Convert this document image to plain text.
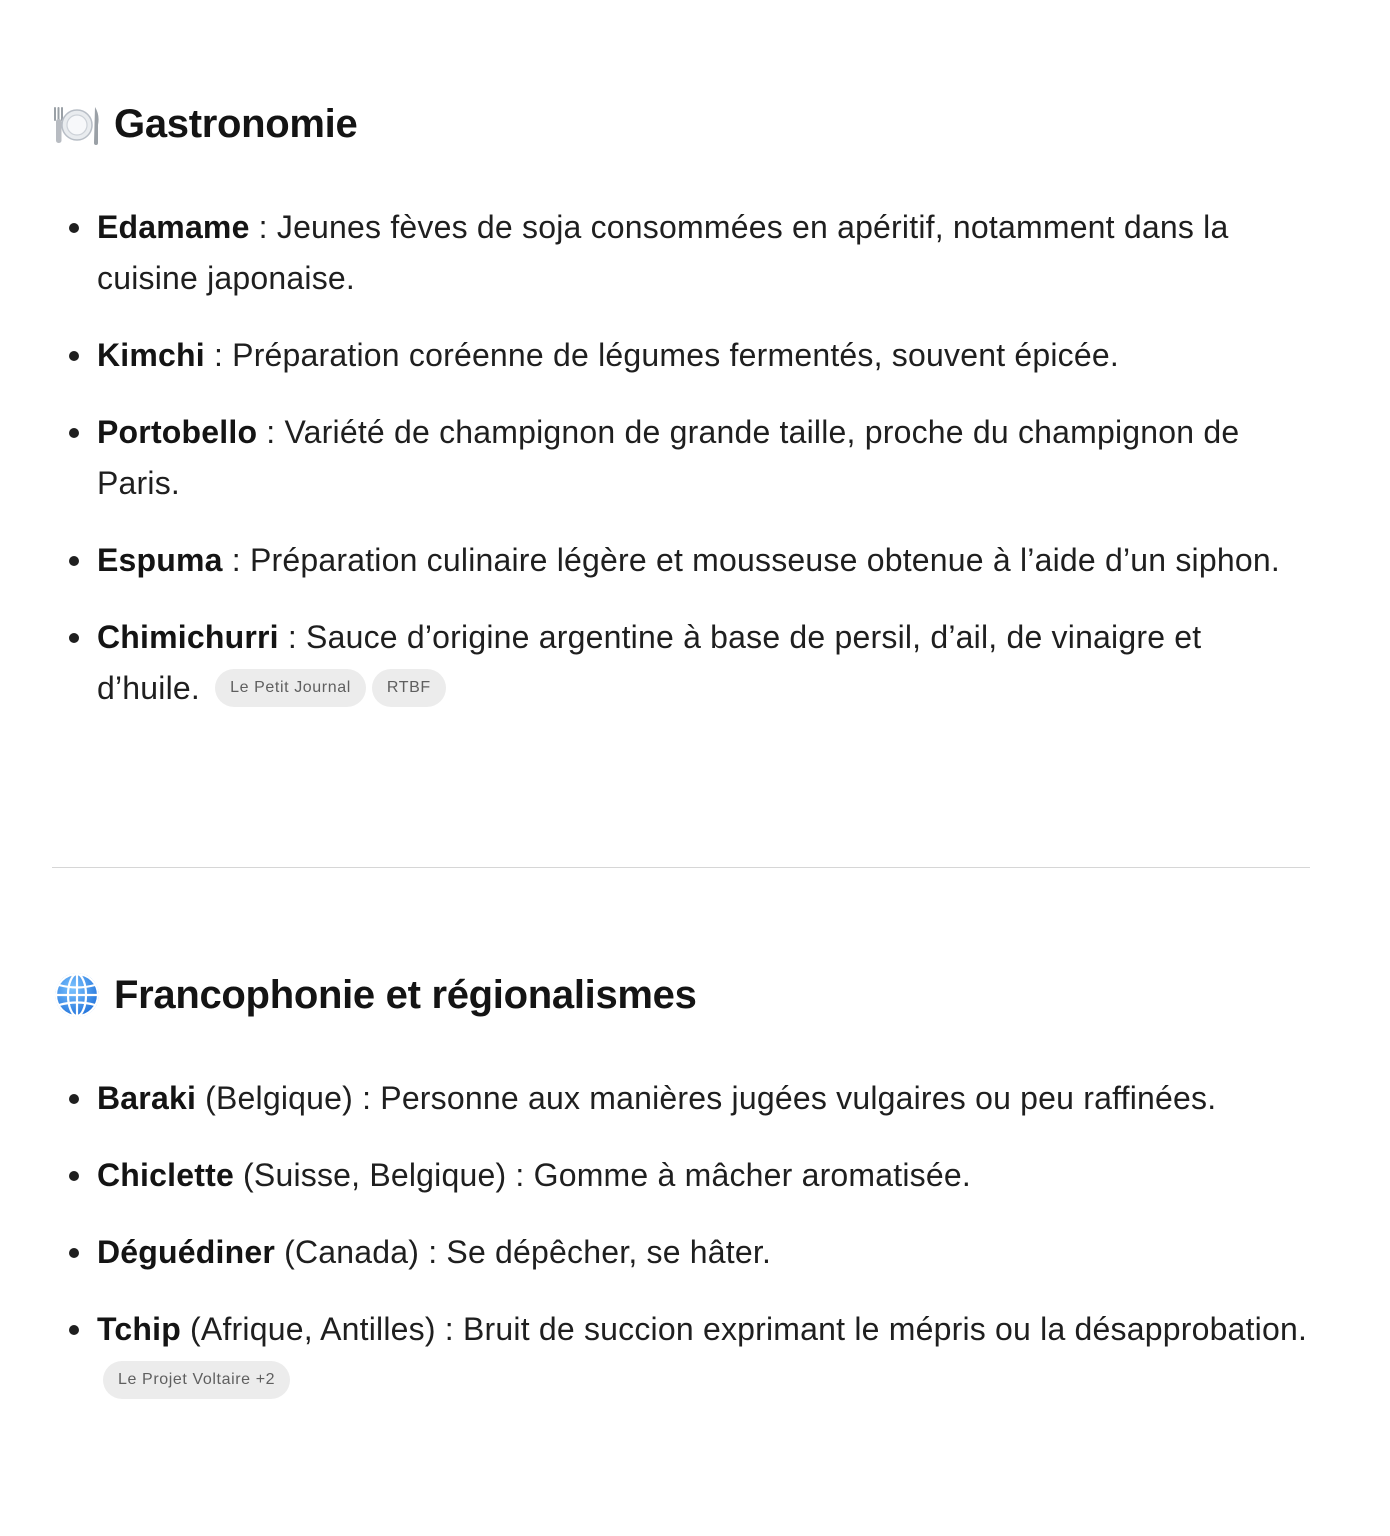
Gastronomie
Edamame : Jeunes fèves de soja consommées en apéritif, notamment dans la cuisine japonaise.
Kimchi : Préparation coréenne de légumes fermentés, souvent épicée.
Portobello : Variété de champignon de grande taille, proche du champignon de Paris.
Espuma : Préparation culinaire légère et mousseuse obtenue à l’aide d’un siphon.
Chimichurri : Sauce d’origine argentine à base de persil, d’ail, de vinaigre et d’huile. Le Petit Journal RTBF
Francophonie et régionalismes
Baraki (Belgique) : Personne aux manières jugées vulgaires ou peu raffinées.
Chiclette (Suisse, Belgique) : Gomme à mâcher aromatisée.
Déguédiner (Canada) : Se dépêcher, se hâter.
Tchip (Afrique, Antilles) : Bruit de succion exprimant le mépris ou la désapprobation. Le Projet Voltaire +2
